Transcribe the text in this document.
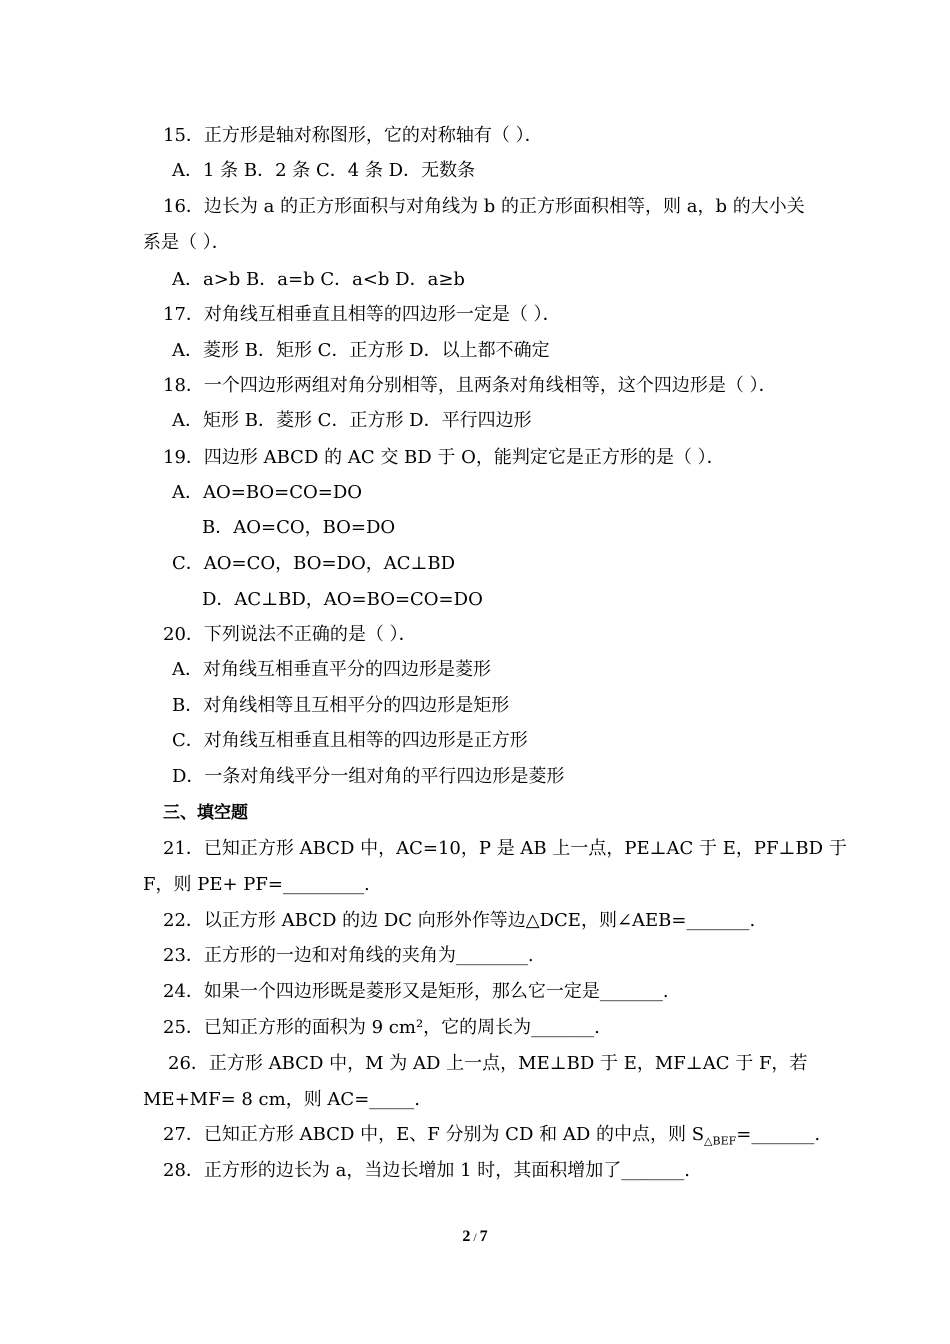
15．正方形是轴对称图形，它的对称轴有（ ）．
A．1 条 B．2 条 C．4 条 D．无数条
16．边长为 a 的正方形面积与对角线为 b 的正方形面积相等，则 a，b 的大小关
系是（ ）．
A．a>b B．a=b C．a<b D．a≥b
17．对角线互相垂直且相等的四边形一定是（ ）．
A．菱形 B．矩形 C．正方形 D．以上都不确定
18．一个四边形两组对角分别相等，且两条对角线相等，这个四边形是（ ）．
A．矩形 B．菱形 C．正方形 D．平行四边形
19．四边形 ABCD 的 AC 交 BD 于 O，能判定它是正方形的是（ ）．
A．AO=BO=CO=DO
B．AO=CO，BO=DO
C．AO=CO，BO=DO，AC⊥BD
D．AC⊥BD，AO=BO=CO=DO
20．下列说法不正确的是（ ）．
A．对角线互相垂直平分的四边形是菱形
B．对角线相等且互相平分的四边形是矩形
C．对角线互相垂直且相等的四边形是正方形
D．一条对角线平分一组对角的平行四边形是菱形
21．已知正方形 ABCD 中，AC=10，P 是 AB 上一点，PE⊥AC 于 E，PF⊥BD 于
F，则 PE+ PF=_________.
22．以正方形 ABCD 的边 DC 向形外作等边△DCE，则∠AEB=_______.
23．正方形的一边和对角线的夹角为________.
24．如果一个四边形既是菱形又是矩形，那么它一定是_______.
25．已知正方形的面积为 9 cm²，它的周长为_______.
26．正方形 ABCD 中，M 为 AD 上一点，ME⊥BD 于 E，MF⊥AC 于 F，若
ME+MF= 8 cm，则 AC=_____.
28．正方形的边长为 a，当边长增加 1 时，其面积增加了_______.
三、填空题
27．已知正方形 ABCD 中，E、F 分别为 CD 和 AD 的中点，则 $S_{\triangle BEF}=\_\_\_\_\_\_\_$.
2 / 7
